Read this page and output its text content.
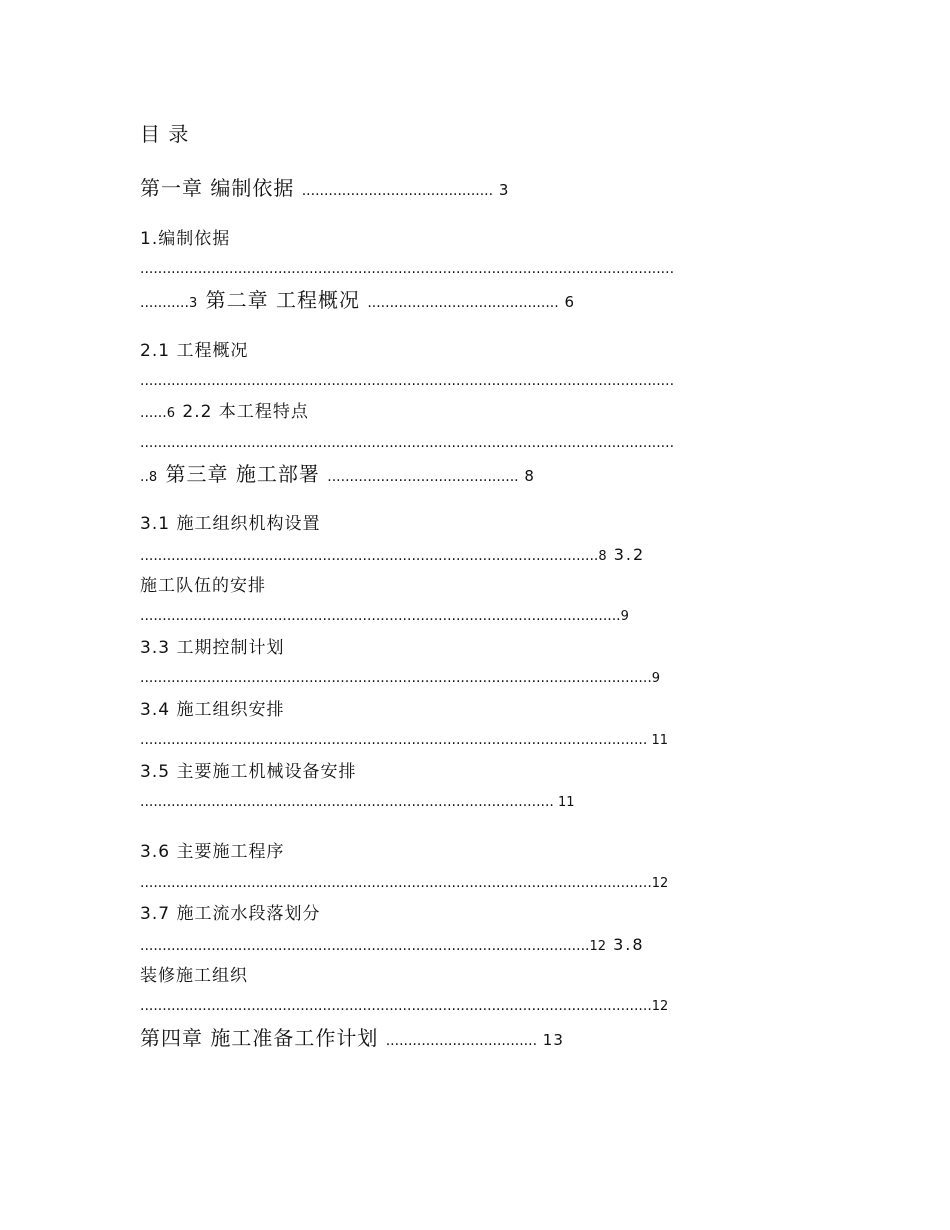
目 录
第一章 编制依据 ........................................... 3
1.编制依据
........................................................................................................................
...........3 第二章 工程概况 ........................................... 6
2.1 工程概况
........................................................................................................................
......6 2.2 本工程特点
........................................................................................................................
..8 第三章 施工部署 ........................................... 8
3.1 施工组织机构设置
.......................................................................................................8 3.2
施工队伍的安排
............................................................................................................9
3.3 工期控制计划
...................................................................................................................9
3.4 施工组织安排
.................................................................................................................. 11
3.5 主要施工机械设备安排
............................................................................................. 11
3.6 主要施工程序
...................................................................................................................12
3.7 施工流水段落划分
.....................................................................................................12 3.8
装修施工组织
...................................................................................................................12
第四章 施工准备工作计划 .................................. 13
